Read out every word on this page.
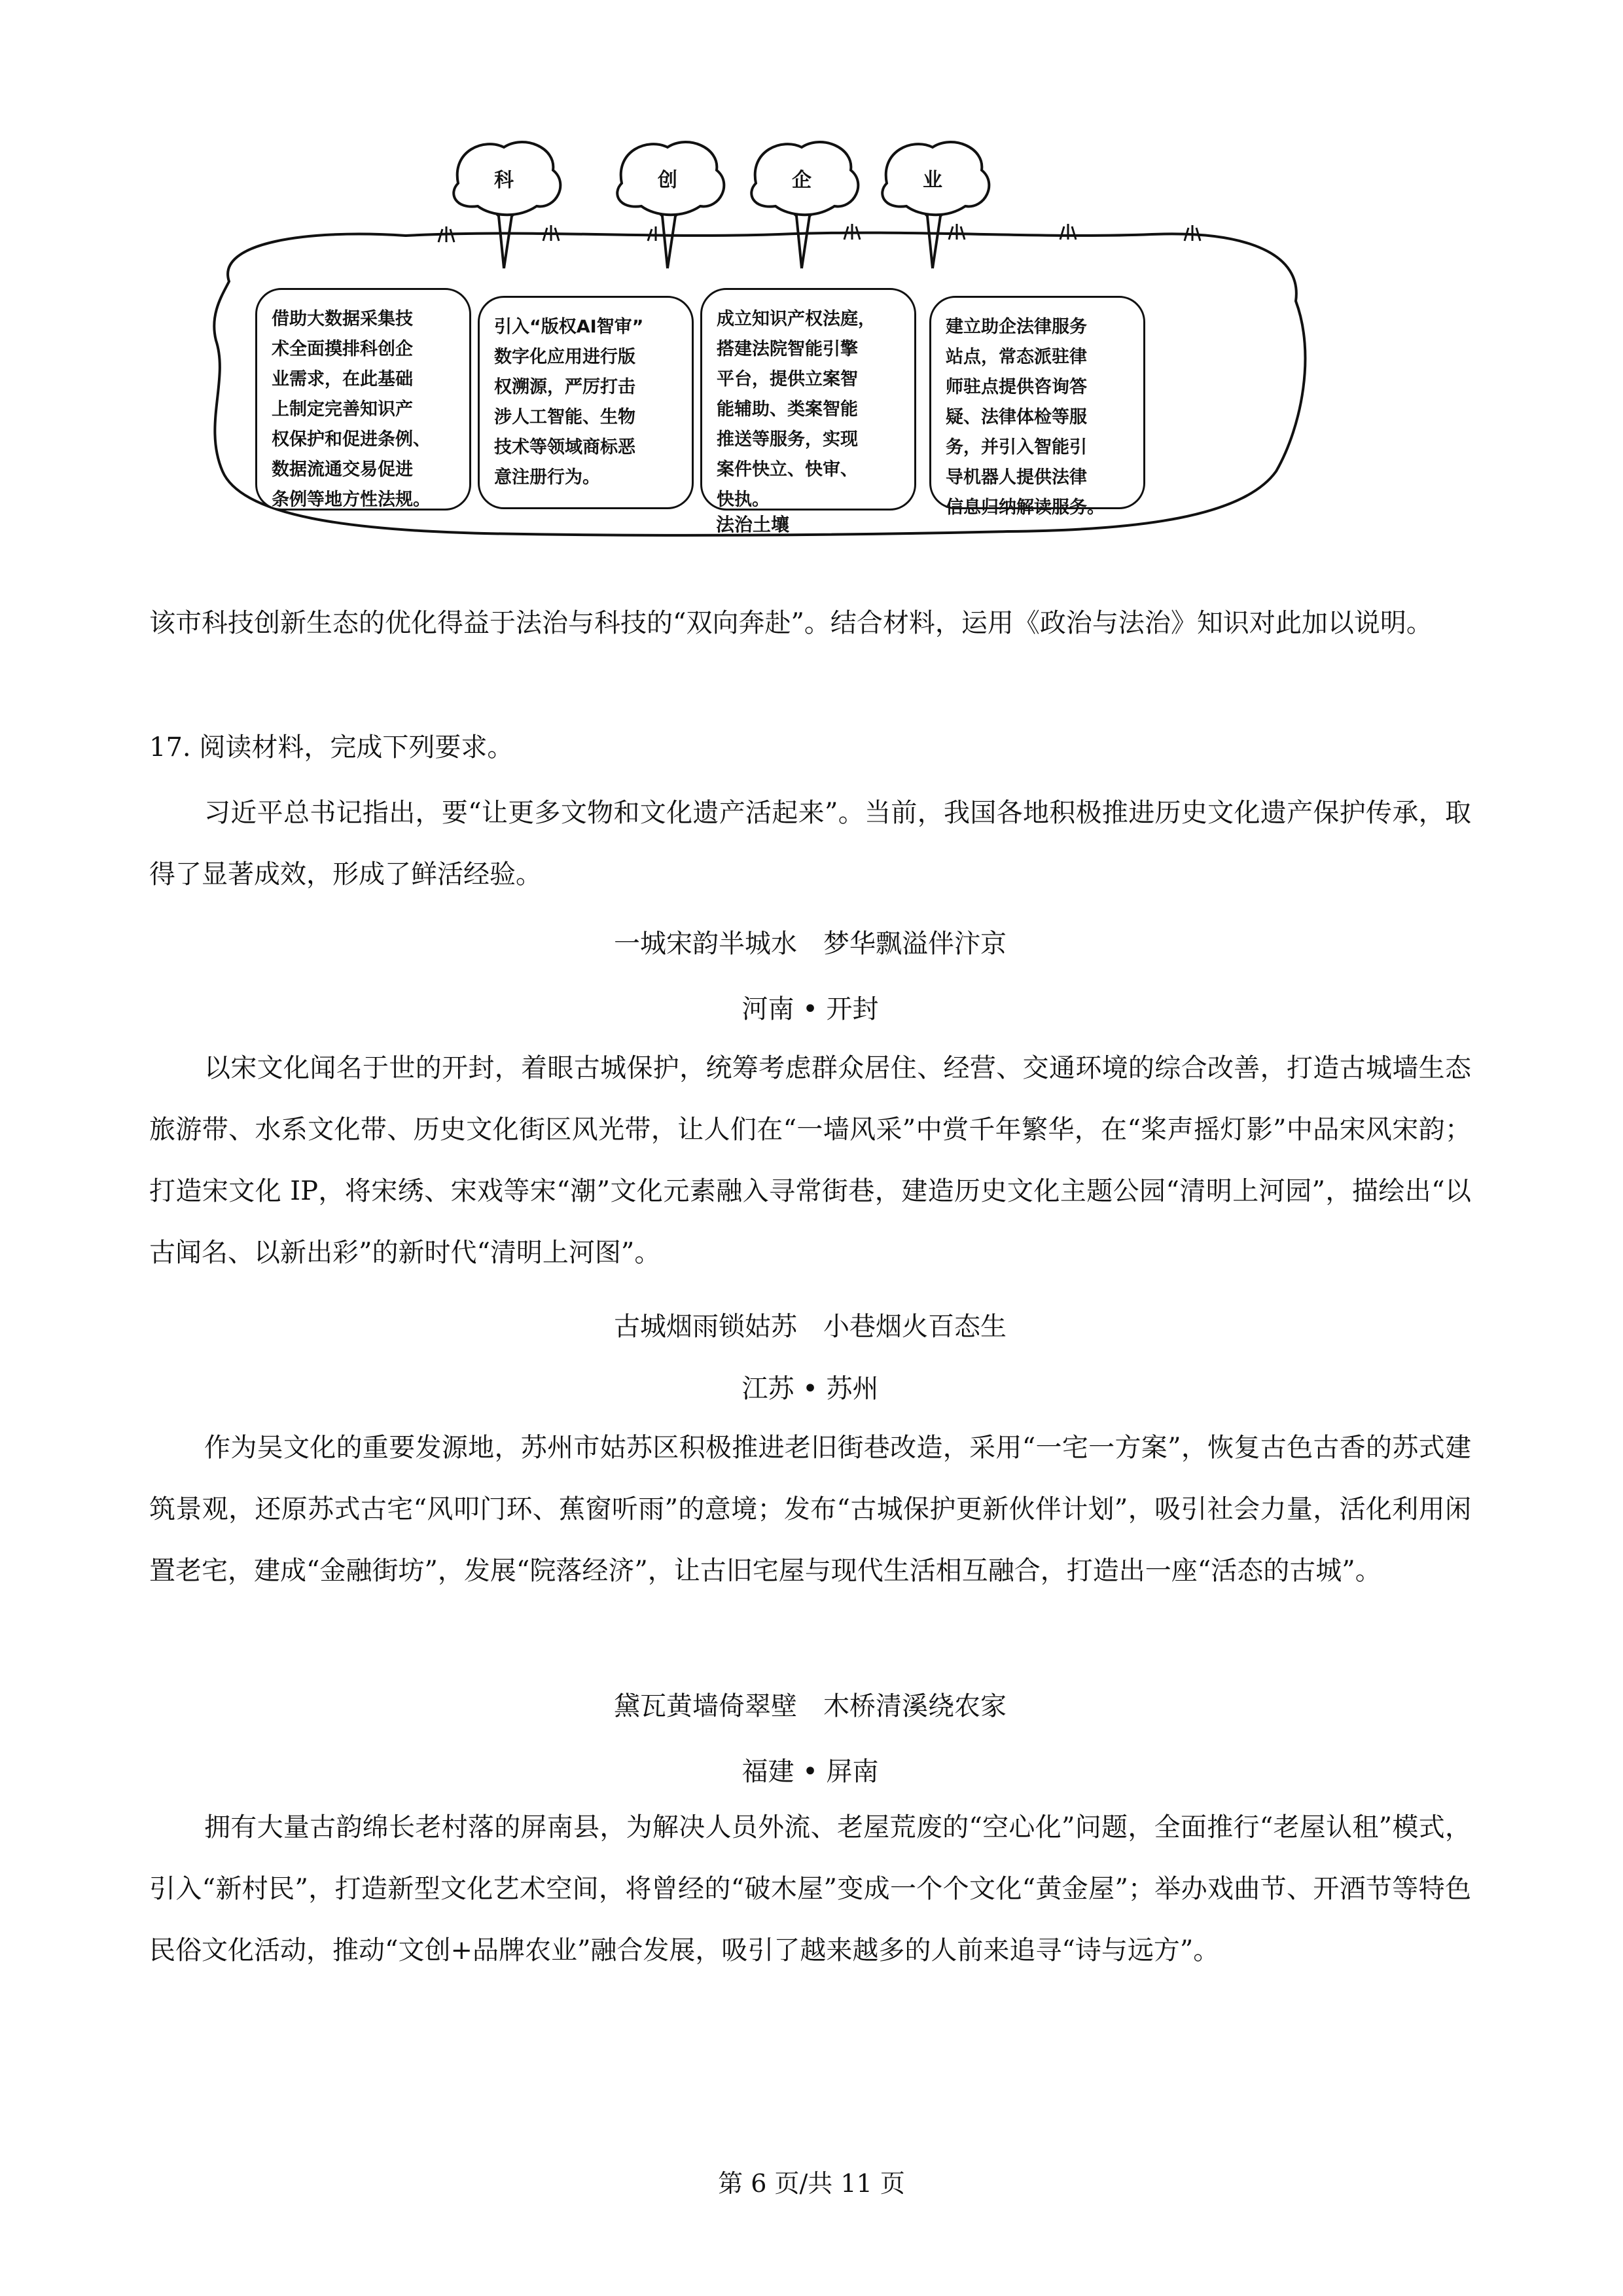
科	创	企	业
借助大数据采集技
术全面摸排科创企
业需求，在此基础
上制定完善知识产
权保护和促进条例、
数据流通交易促进
条例等地方性法规。
引入“版权AI智审”
数字化应用进行版
权溯源，严厉打击
涉人工智能、生物
技术等领域商标恶
意注册行为。
成立知识产权法庭，
搭建法院智能引擎
平台，提供立案智
能辅助、类案智能
推送等服务，实现
案件快立、快审、
快执。
建立助企法律服务
站点，常态派驻律
师驻点提供咨询答
疑、法律体检等服
务，并引入智能引
导机器人提供法律
信息归纳解读服务。
法治土壤
该市科技创新生态的优化得益于法治与科技的“双向奔赴”。结合材料，运用《政治与法治》知识对此加以说明。
17. 阅读材料，完成下列要求。
习近平总书记指出，要“让更多文物和文化遗产活起来”。当前，我国各地积极推进历史文化遗产保护传承，取得了显著成效，形成了鲜活经验。
一城宋韵半城水　梦华飘溢伴汴京
河南 • 开封
以宋文化闻名于世的开封，着眼古城保护，统筹考虑群众居住、经营、交通环境的综合改善，打造古城墙生态旅游带、水系文化带、历史文化街区风光带，让人们在“一墙风采”中赏千年繁华，在“桨声摇灯影”中品宋风宋韵；打造宋文化 IP，将宋绣、宋戏等宋“潮”文化元素融入寻常街巷，建造历史文化主题公园“清明上河园”，描绘出“以古闻名、以新出彩”的新时代“清明上河图”。
古城烟雨锁姑苏　小巷烟火百态生
江苏 • 苏州
作为吴文化的重要发源地，苏州市姑苏区积极推进老旧街巷改造，采用“一宅一方案”，恢复古色古香的苏式建筑景观，还原苏式古宅“风叩门环、蕉窗听雨”的意境；发布“古城保护更新伙伴计划”，吸引社会力量，活化利用闲置老宅，建成“金融街坊”，发展“院落经济”，让古旧宅屋与现代生活相互融合，打造出一座“活态的古城”。
黛瓦黄墙倚翠壁　木桥清溪绕农家
福建 • 屏南
拥有大量古韵绵长老村落的屏南县，为解决人员外流、老屋荒废的“空心化”问题，全面推行“老屋认租”模式，引入“新村民”，打造新型文化艺术空间，将曾经的“破木屋”变成一个个文化“黄金屋”；举办戏曲节、开酒节等特色民俗文化活动，推动“文创+品牌农业”融合发展，吸引了越来越多的人前来追寻“诗与远方”。
第 6 页/共 11 页
